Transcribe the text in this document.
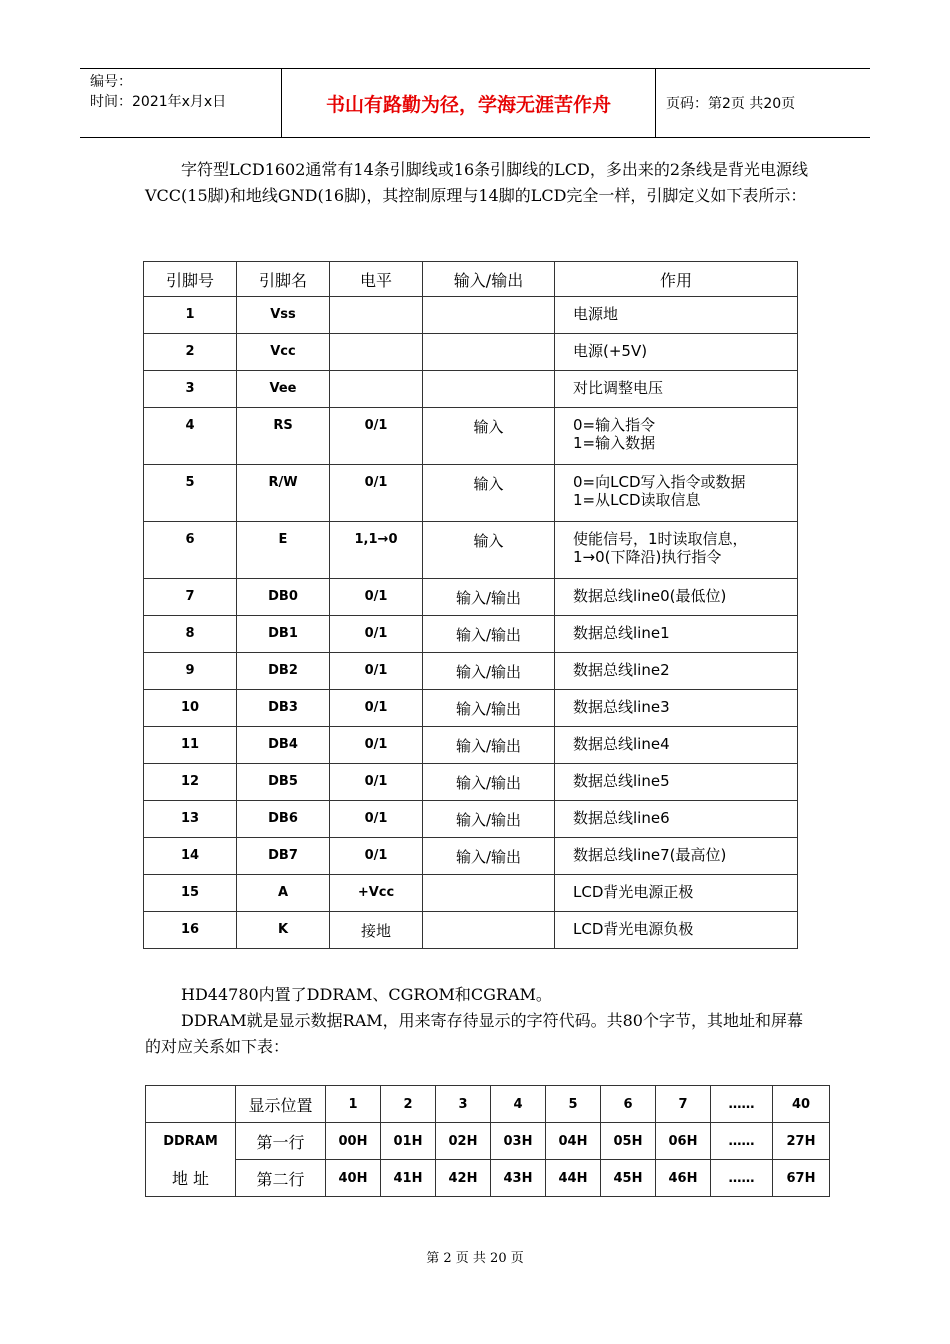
编号：
时间：2021年x月x日	书山有路勤为径，学海无涯苦作舟	页码：第2页 共20页
字符型LCD1602通常有14条引脚线或16条引脚线的LCD，多出来的2条线是背光电源线VCC(15脚)和地线GND(16脚)，其控制原理与14脚的LCD完全一样，引脚定义如下表所示：
引脚号	引脚名	电平	输入/输出	作用
1	Vss			电源地

2	Vcc			电源(+5V)

3	Vee			对比调整电压

4	RS	0/1	输入	0=输入指令
1=输入数据

5	R/W	0/1	输入	0=向LCD写入指令或数据
1=从LCD读取信息

6	E	1,1→0	输入	使能信号，1时读取信息，
1→0(下降沿)执行指令

7	DB0	0/1	输入/输出	数据总线line0(最低位)

8	DB1	0/1	输入/输出	数据总线line1

9	DB2	0/1	输入/输出	数据总线line2

10	DB3	0/1	输入/输出	数据总线line3

11	DB4	0/1	输入/输出	数据总线line4

12	DB5	0/1	输入/输出	数据总线line5

13	DB6	0/1	输入/输出	数据总线line6

14	DB7	0/1	输入/输出	数据总线line7(最高位)

15	A	+Vcc		LCD背光电源正极

16	K	接地		LCD背光电源负极
HD44780内置了DDRAM、CGROM和CGRAM。
DDRAM就是显示数据RAM，用来寄存待显示的字符代码。共80个字节，其地址和屏幕的对应关系如下表：
	显示位置	1	2	3	4	5	6	7	……	40
DDRAM	第一行	00H	01H	02H	03H	04H	05H	06H	……	27H
地 址	第二行	40H	41H	42H	43H	44H	45H	46H	……	67H
第 2 页 共 20 页
